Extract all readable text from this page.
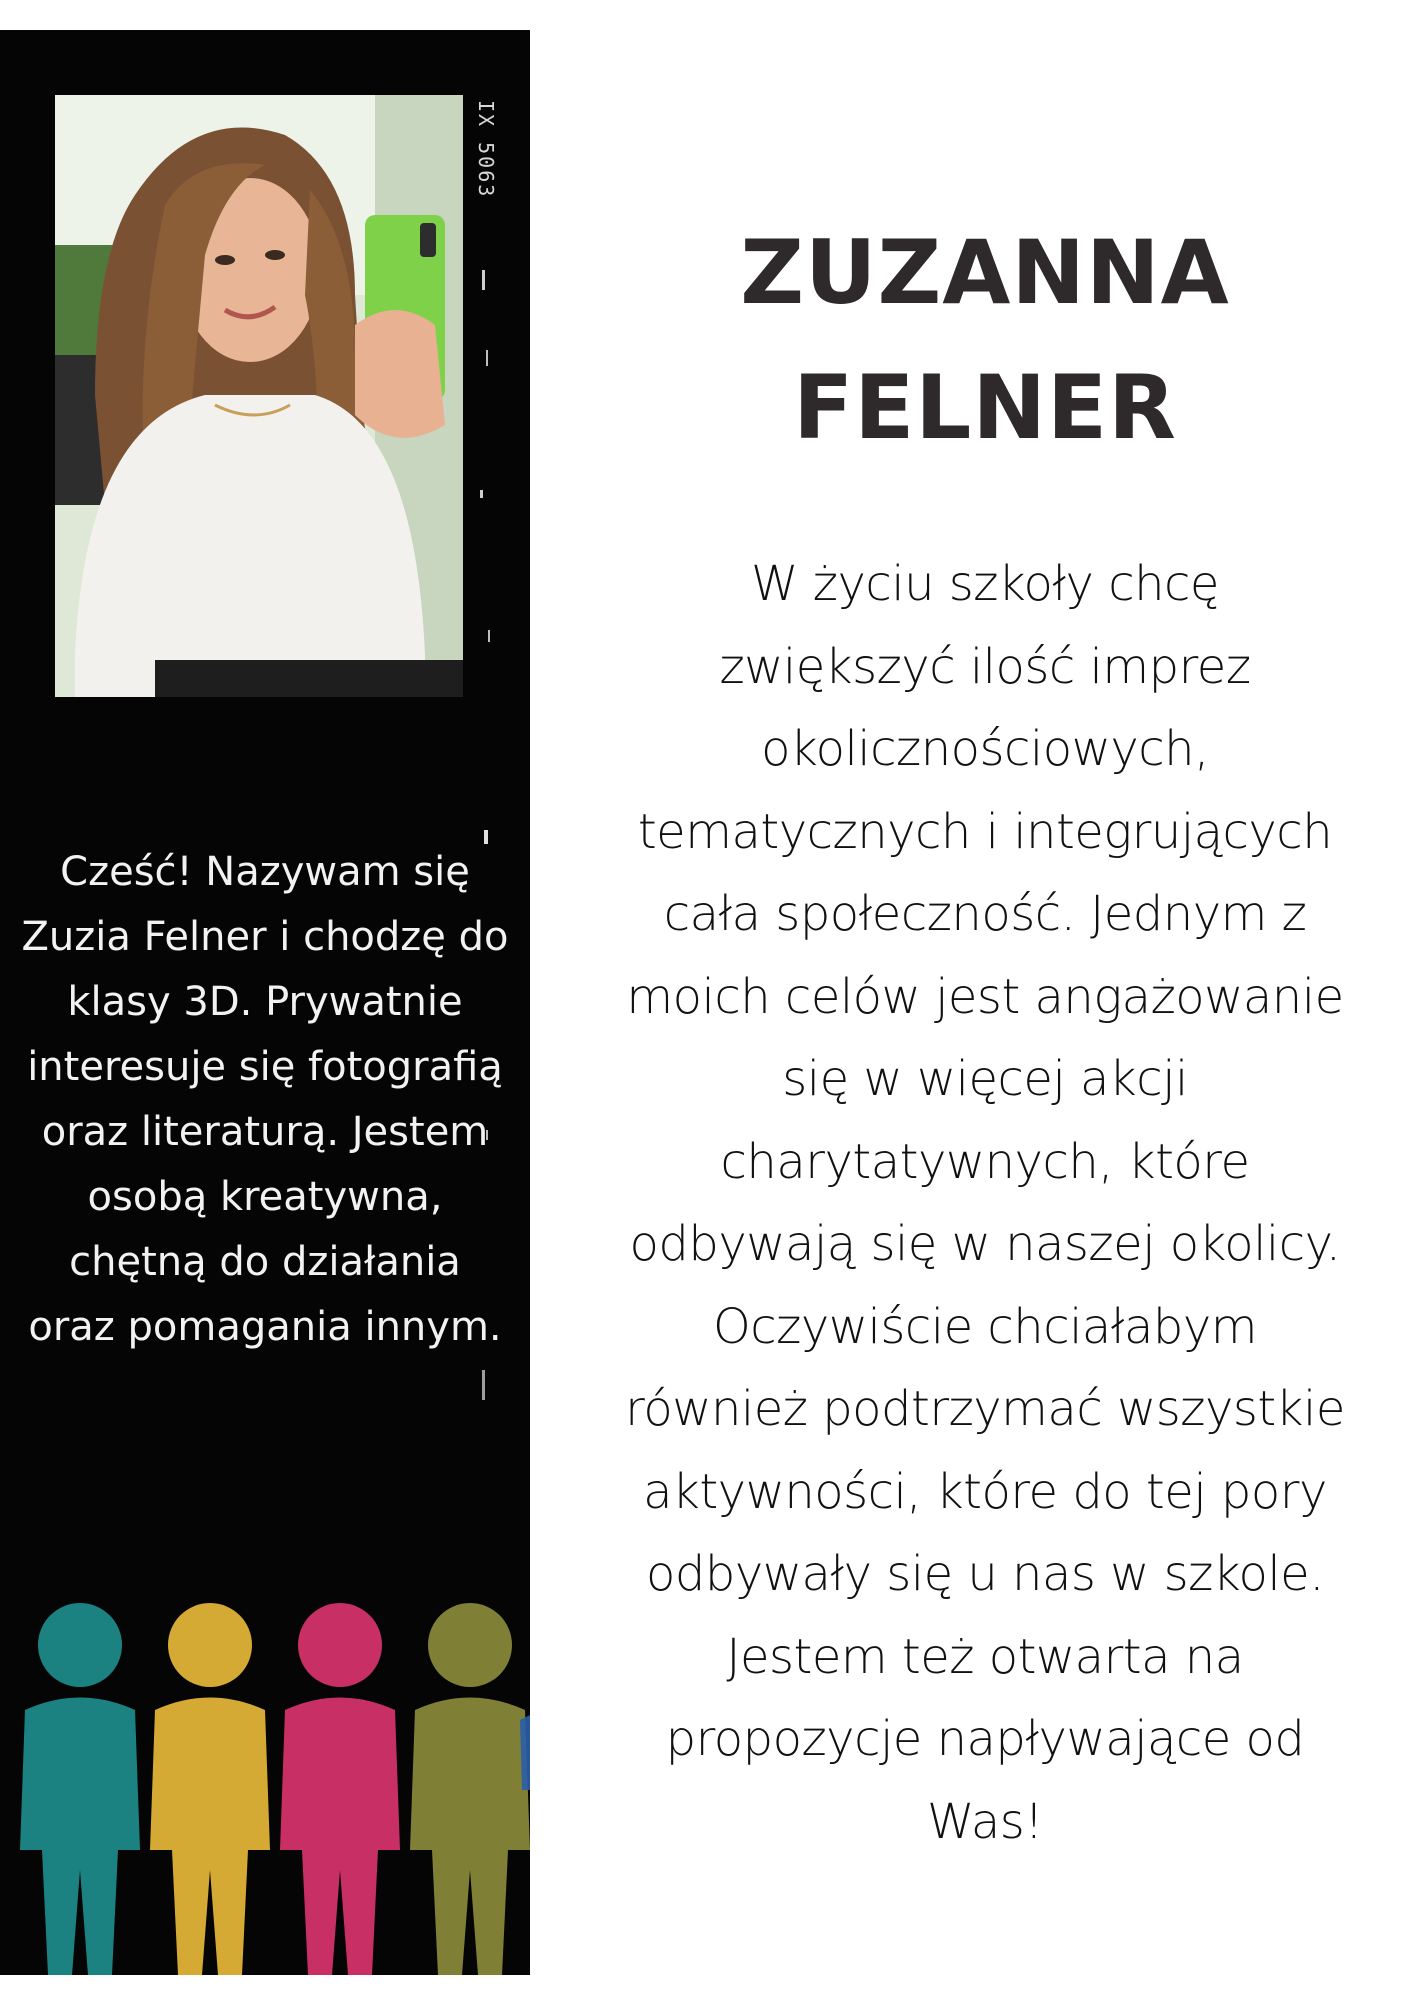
IX 5063
Cześć! Nazywam się Zuzia Felner i chodzę do klasy 3D. Prywatnie interesuje się fotografią oraz literaturą. Jestem osobą kreatywna, chętną do działania oraz pomagania innym.
ZUZANNA
FELNER
W życiu szkoły chcę
zwiększyć ilość imprez
okolicznościowych,
tematycznych i integrujących
cała społeczność. Jednym z
moich celów jest angażowanie
się w więcej akcji
charytatywnych, które
odbywają się w naszej okolicy.
Oczywiście chciałabym
również podtrzymać wszystkie
aktywności, które do tej pory
odbywały się u nas w szkole.
Jestem też otwarta na
propozycje napływające od
Was!
